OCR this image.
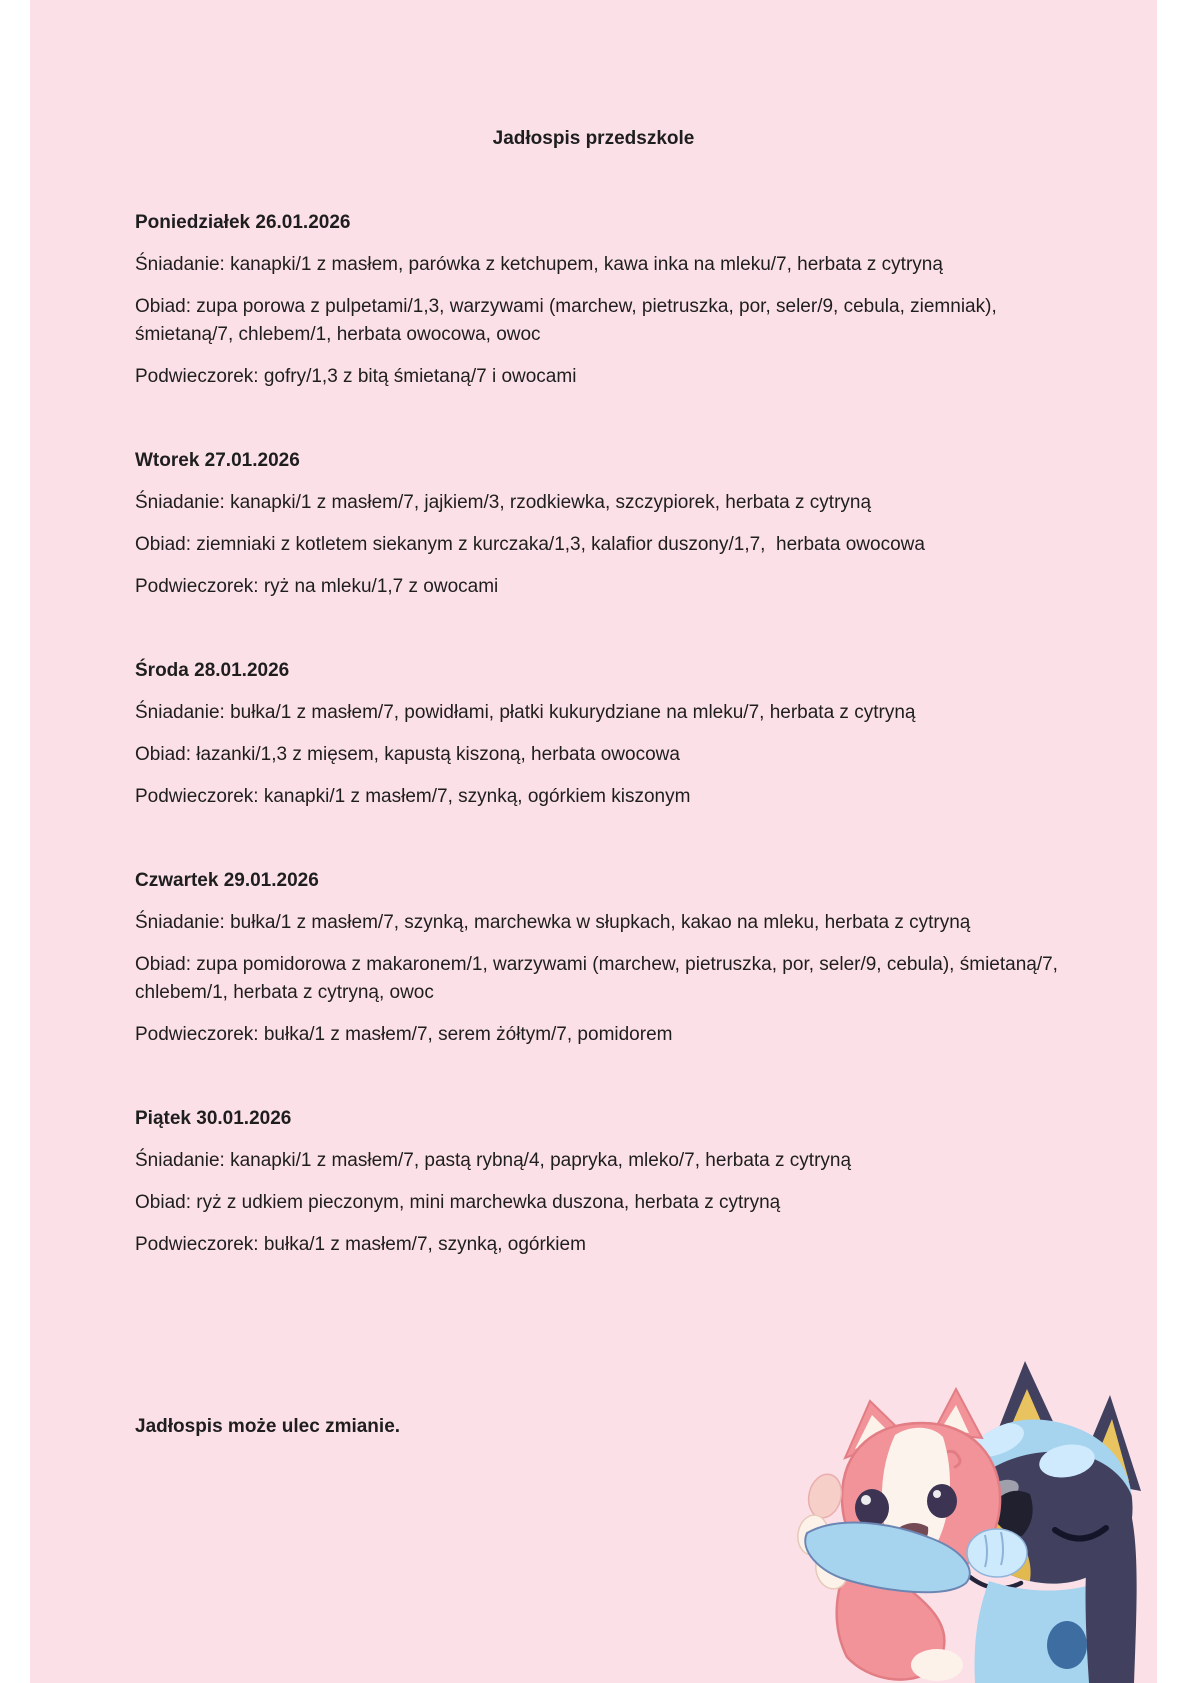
Jadłospis przedszkole
Poniedziałek 26.01.2026

Śniadanie: kanapki/1 z masłem, parówka z ketchupem, kawa inka na mleku/7, herbata z cytryną

Obiad: zupa porowa z pulpetami/1,3, warzywami (marchew, pietruszka, por, seler/9, cebula, ziemniak), śmietaną/7, chlebem/1, herbata owocowa, owoc

Podwieczorek: gofry/1,3 z bitą śmietaną/7 i owocami

Wtorek 27.01.2026

Śniadanie: kanapki/1 z masłem/7, jajkiem/3, rzodkiewka, szczypiorek, herbata z cytryną

Obiad: ziemniaki z kotletem siekanym z kurczaka/1,3, kalafior duszony/1,7,  herbata owocowa

Podwieczorek: ryż na mleku/1,7 z owocami

Środa 28.01.2026

Śniadanie: bułka/1 z masłem/7, powidłami, płatki kukurydziane na mleku/7, herbata z cytryną

Obiad: łazanki/1,3 z mięsem, kapustą kiszoną, herbata owocowa

Podwieczorek: kanapki/1 z masłem/7, szynką, ogórkiem kiszonym

Czwartek 29.01.2026

Śniadanie: bułka/1 z masłem/7, szynką, marchewka w słupkach, kakao na mleku, herbata z cytryną

Obiad: zupa pomidorowa z makaronem/1, warzywami (marchew, pietruszka, por, seler/9, cebula), śmietaną/7, chlebem/1, herbata z cytryną, owoc

Podwieczorek: bułka/1 z masłem/7, serem żółtym/7, pomidorem

Piątek 30.01.2026

Śniadanie: kanapki/1 z masłem/7, pastą rybną/4, papryka, mleko/7, herbata z cytryną

Obiad: ryż z udkiem pieczonym, mini marchewka duszona, herbata z cytryną

Podwieczorek: bułka/1 z masłem/7, szynką, ogórkiem

Jadłospis może ulec zmianie.
